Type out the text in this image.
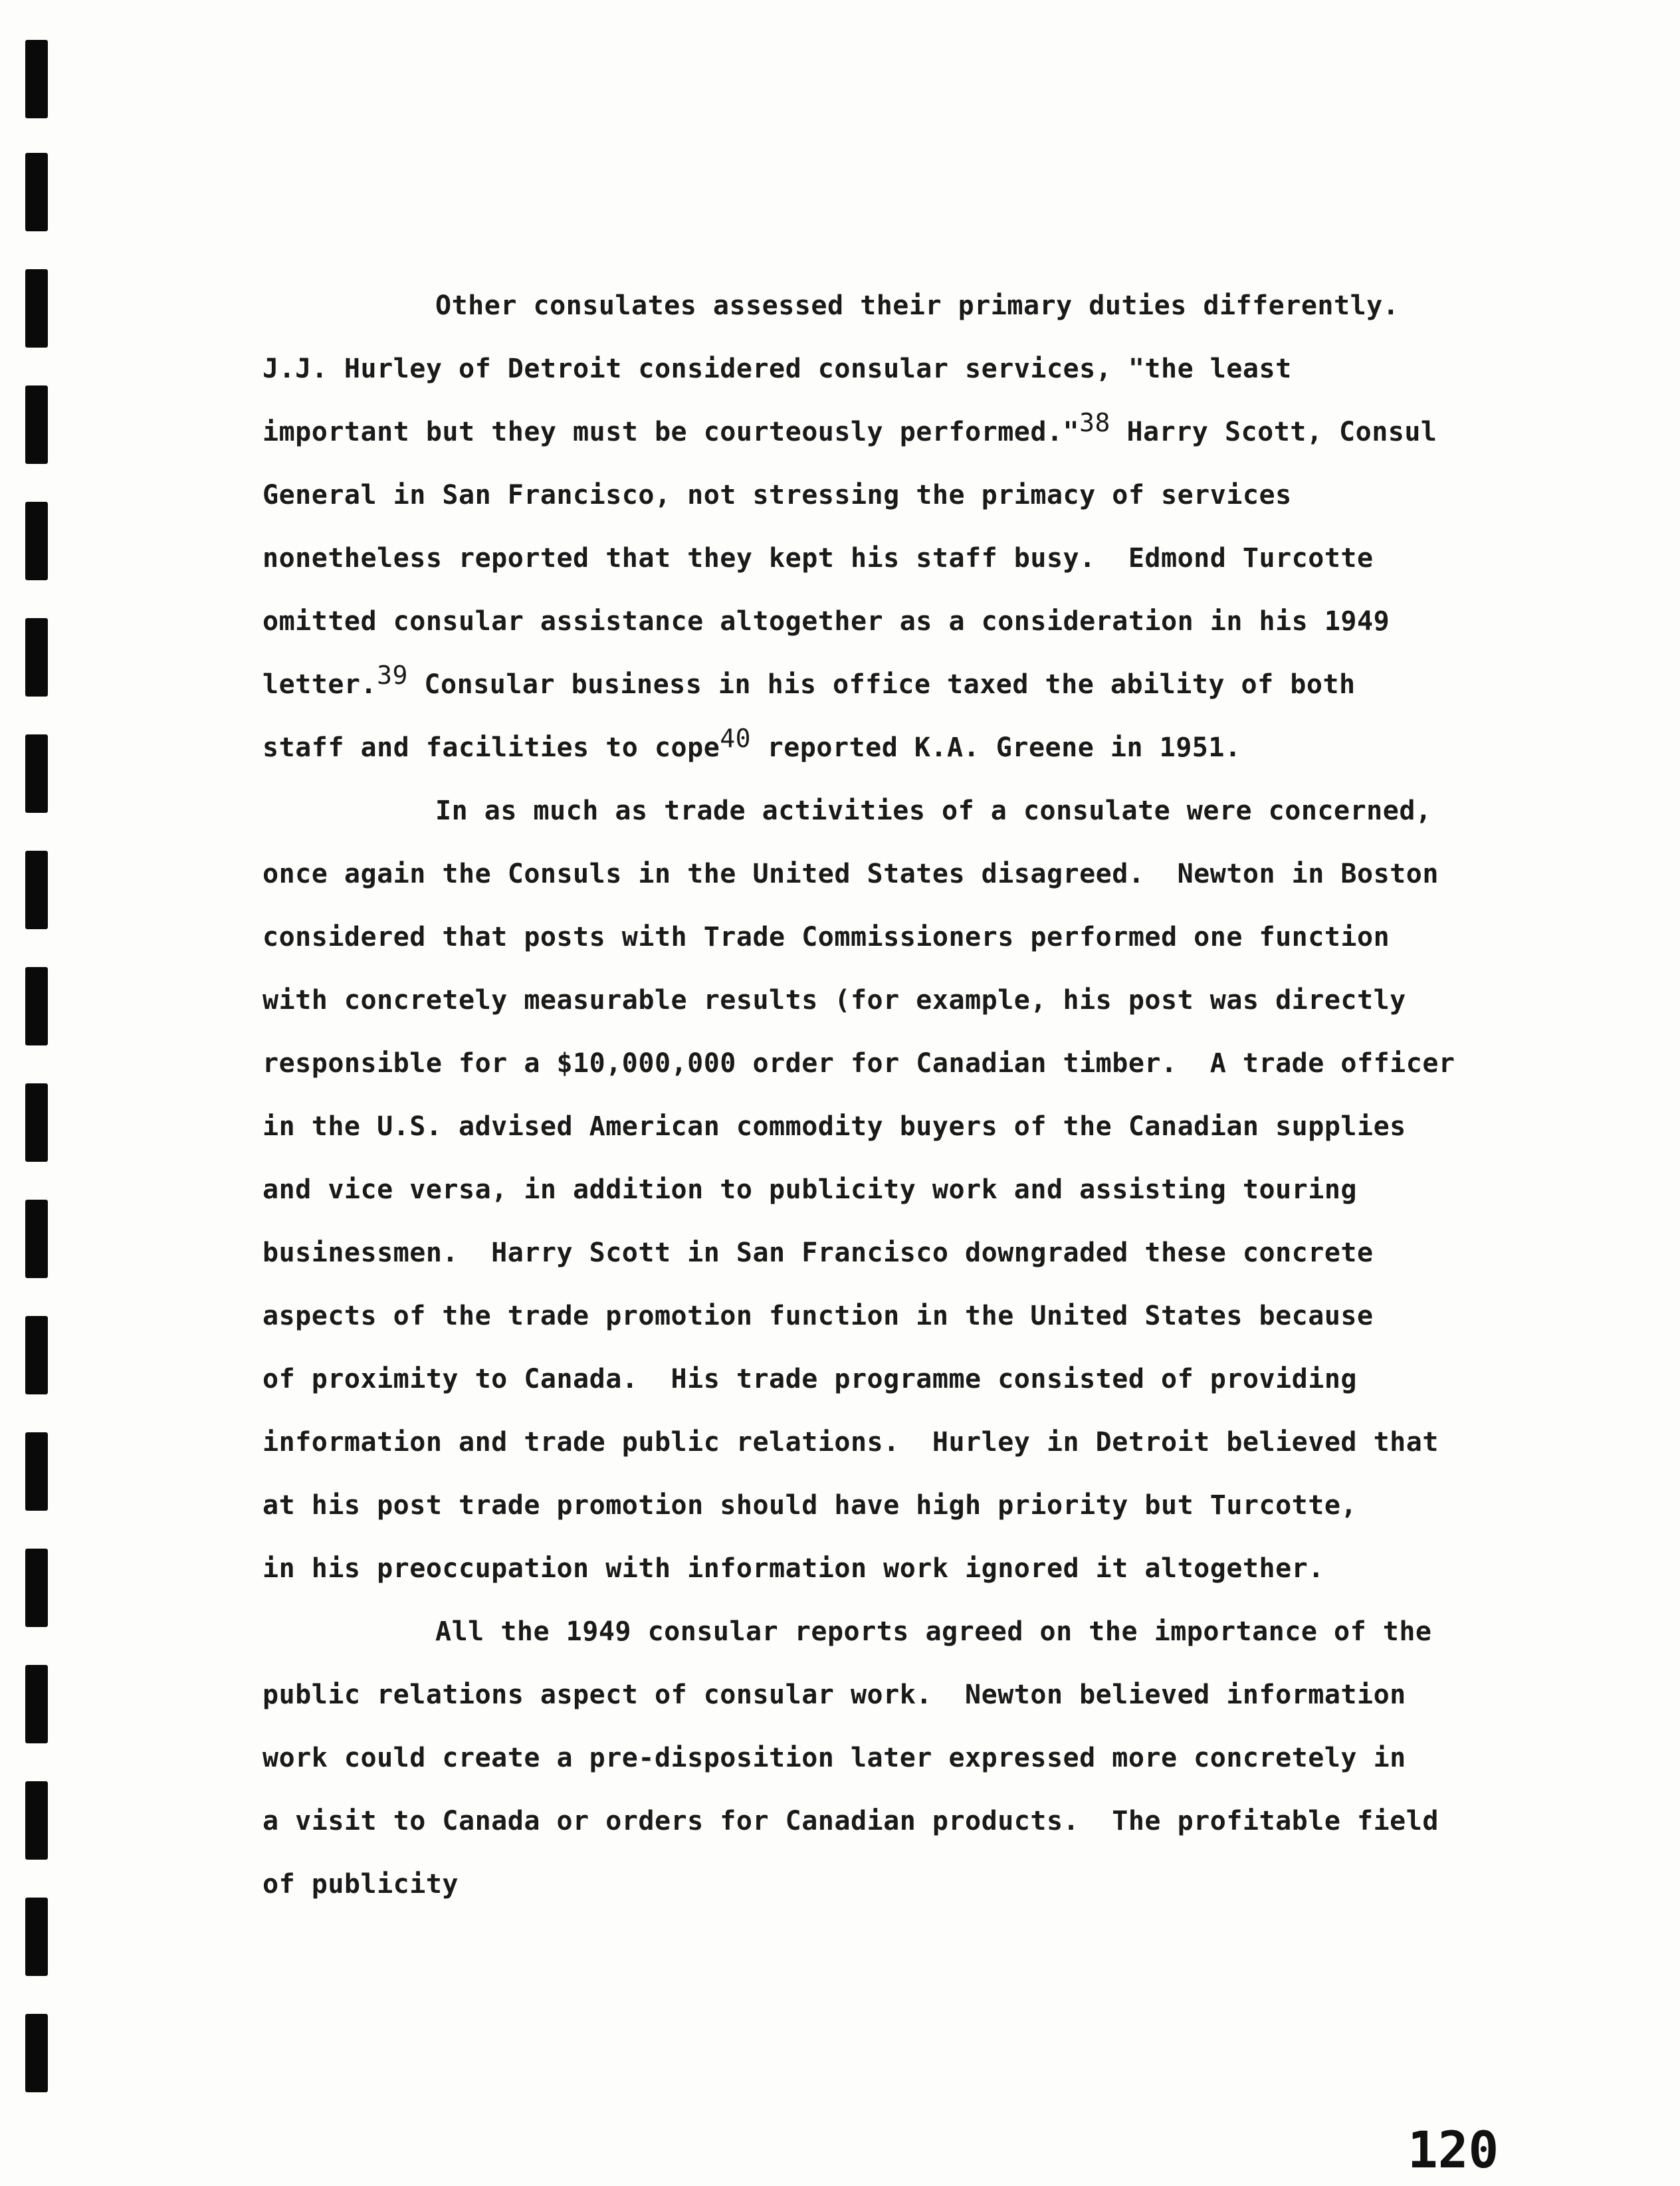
Other consulates assessed their primary duties differently.
J.J. Hurley of Detroit considered consular services, "the least
important but they must be courteously performed."$^{38}$ Harry Scott, Consul
General in San Francisco, not stressing the primacy of services
nonetheless reported that they kept his staff busy.  Edmond Turcotte
omitted consular assistance altogether as a consideration in his 1949
letter.$^{39}$ Consular business in his office taxed the ability of both
staff and facilities to cope$^{40}$ reported K.A. Greene in 1951.
In as much as trade activities of a consulate were concerned,
once again the Consuls in the United States disagreed.  Newton in Boston
considered that posts with Trade Commissioners performed one function
with concretely measurable results (for example, his post was directly
responsible for a $10,000,000 order for Canadian timber.  A trade officer
in the U.S. advised American commodity buyers of the Canadian supplies
and vice versa, in addition to publicity work and assisting touring
businessmen.  Harry Scott in San Francisco downgraded these concrete
aspects of the trade promotion function in the United States because
of proximity to Canada.  His trade programme consisted of providing
information and trade public relations.  Hurley in Detroit believed that
at his post trade promotion should have high priority but Turcotte,
in his preoccupation with information work ignored it altogether.
All the 1949 consular reports agreed on the importance of the
public relations aspect of consular work.  Newton believed information
work could create a pre-disposition later expressed more concretely in
a visit to Canada or orders for Canadian products.  The profitable field
of publicity
120
